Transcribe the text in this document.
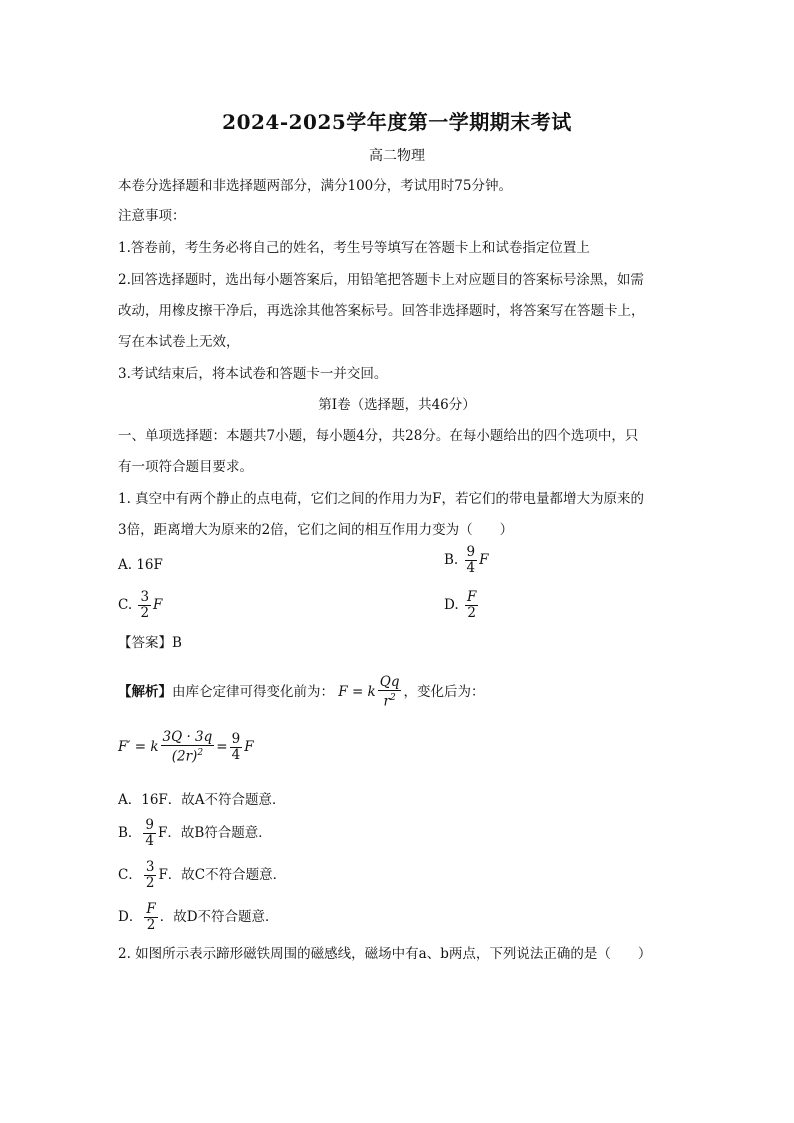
2024-2025学年度第一学期期末考试
高二物理
本卷分选择题和非选择题两部分，满分100分，考试用时75分钟。
注意事项：
1.答卷前，考生务必将自己的姓名，考生号等填写在答题卡上和试卷指定位置上
2.回答选择题时，选出每小题答案后，用铅笔把答题卡上对应题目的答案标号涂黑，如需
改动，用橡皮擦干净后，再选涂其他答案标号。回答非选择题时，将答案写在答题卡上，
写在本试卷上无效，
3.考试结束后，将本试卷和答题卡一并交回。
第Ⅰ卷（选择题，共46分）
一、单项选择题：本题共7小题，每小题4分，共28分。在每小题给出的四个选项中，只
有一项符合题目要求。
1. 真空中有两个静止的点电荷，它们之间的作用力为F，若它们的带电量都增大为原来的
3倍，距离增大为原来的2倍，它们之间的相互作用力变为（　　）
A. 16F	B. $\frac{9}{4}$ F
C. $\frac{3}{2}$ F	D. $\frac{F}{2}$
【答案】B
【解析】由库仑定律可得变化前为： F = k $\frac{Qq}{r^2}$ ，变化后为：
F′ = k $\frac{3Q \cdot 3q}{(2r)^2} = \frac{9}{4}$ F
A．16F．故A不符合题意．
B． $\frac{9}{4}$ F．故B符合题意．
C． $\frac{3}{2}$ F．故C不符合题意．
D． $\frac{F}{2}$ ．故D不符合题意．
2. 如图所示表示蹄形磁铁周围的磁感线，磁场中有a、b两点，下列说法正确的是（　　）
